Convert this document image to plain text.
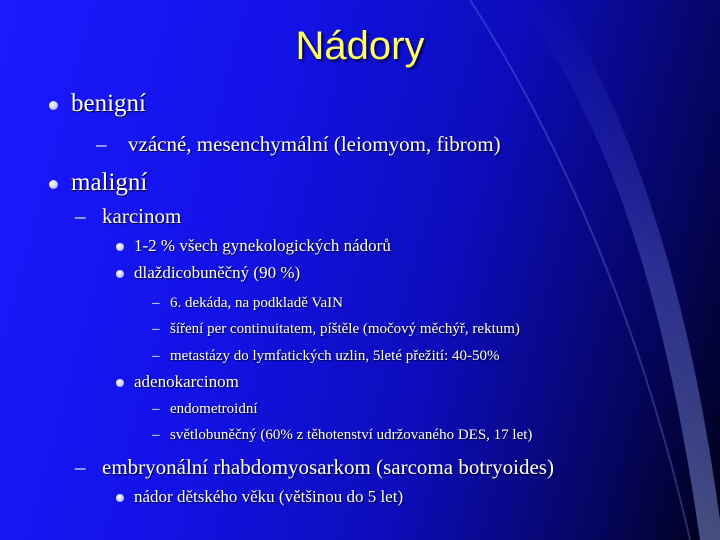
Nádory
benigní
– vzácné, mesenchymální (leiomyom, fibrom)
maligní
– karcinom
1-2 % všech gynekologických nádorů
dlaždicobuněčný (90 %)
– 6. dekáda, na podkladě VaIN
– šíření per continuitatem, píštěle (močový měchýř, rektum)
– metastázy do lymfatických uzlin, 5leté přežití: 40-50%
adenokarcinom
– endometroidní
– světlobuněčný (60% z těhotenství udržovaného DES, 17 let)
– embryonální rhabdomyosarkom (sarcoma botryoides)
nádor dětského věku (většinou do 5 let)
